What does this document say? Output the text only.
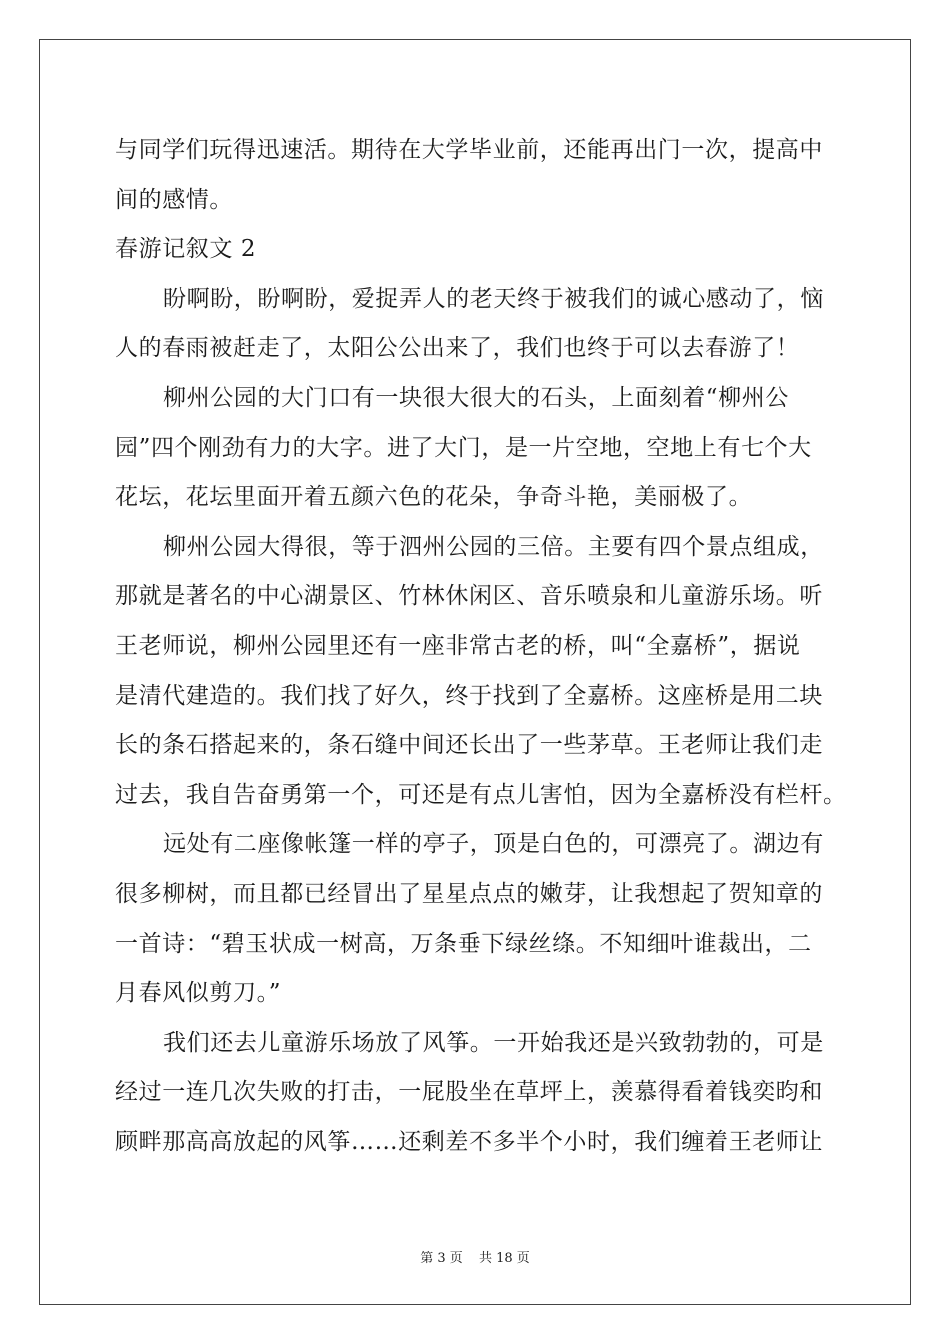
与同学们玩得迅速活。期待在大学毕业前，还能再出门一次，提高中
间的感情。
春游记叙文 2
盼啊盼，盼啊盼，爱捉弄人的老天终于被我们的诚心感动了，恼
人的春雨被赶走了，太阳公公出来了，我们也终于可以去春游了！
柳州公园的大门口有一块很大很大的石头，上面刻着“柳州公
园”四个刚劲有力的大字。进了大门，是一片空地，空地上有七个大
花坛，花坛里面开着五颜六色的花朵，争奇斗艳，美丽极了。
柳州公园大得很，等于泗州公园的三倍。主要有四个景点组成，
那就是著名的中心湖景区、竹林休闲区、音乐喷泉和儿童游乐场。听
王老师说，柳州公园里还有一座非常古老的桥，叫“全嘉桥”，据说
是清代建造的。我们找了好久，终于找到了全嘉桥。这座桥是用二块
长的条石搭起来的，条石缝中间还长出了一些茅草。王老师让我们走
过去，我自告奋勇第一个，可还是有点儿害怕，因为全嘉桥没有栏杆。
远处有二座像帐篷一样的亭子，顶是白色的，可漂亮了。湖边有
很多柳树，而且都已经冒出了星星点点的嫩芽，让我想起了贺知章的
一首诗：“碧玉状成一树高，万条垂下绿丝绦。不知细叶谁裁出，二
月春风似剪刀。”
我们还去儿童游乐场放了风筝。一开始我还是兴致勃勃的，可是
经过一连几次失败的打击，一屁股坐在草坪上，羡慕得看着钱奕昀和
顾畔那高高放起的风筝……还剩差不多半个小时，我们缠着王老师让
第 3 页 共 18 页
